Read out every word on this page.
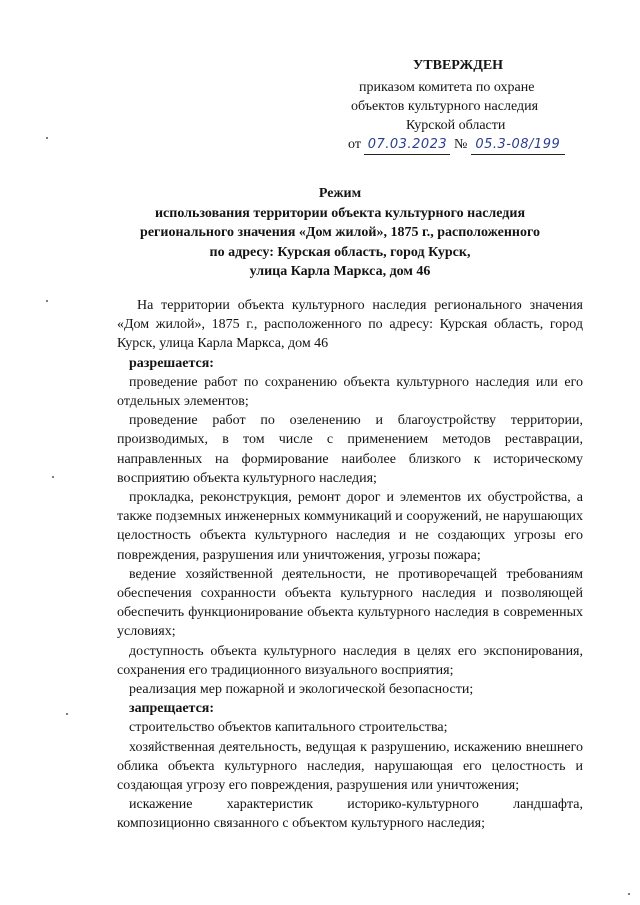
УТВЕРЖДЕН
приказом комитета по охране
объектов культурного наследия
Курской области
от 07.03.2023 № 05.3-08/199
Режим
использования территории объекта культурного наследия
регионального значения «Дом жилой», 1875 г., расположенного
по адресу: Курская область, город Курск,
улица Карла Маркса, дом 46

На территории объекта культурного наследия регионального значения «Дом жилой», 1875 г., расположенного по адресу: Курская область, город Курск, улица Карла Маркса, дом 46

разрешается:

проведение работ по сохранению объекта культурного наследия или его отдельных элементов;

проведение работ по озеленению и благоустройству территории, производимых, в том числе с применением методов реставрации, направленных на формирование наиболее близкого к историческому восприятию объекта культурного наследия;

прокладка, реконструкция, ремонт дорог и элементов их обустройства, а также подземных инженерных коммуникаций и сооружений, не нарушающих целостность объекта культурного наследия и не создающих угрозы его повреждения, разрушения или уничтожения, угрозы пожара;

ведение хозяйственной деятельности, не противоречащей требованиям обеспечения сохранности объекта культурного наследия и позволяющей обеспечить функционирование объекта культурного наследия в современных условиях;

доступность объекта культурного наследия в целях его экспонирования, сохранения его традиционного визуального восприятия;

реализация мер пожарной и экологической безопасности;

запрещается:

строительство объектов капитального строительства;

хозяйственная деятельность, ведущая к разрушению, искажению внешнего облика объекта культурного наследия, нарушающая его целостность и создающая угрозу его повреждения, разрушения или уничтожения;

искажение характеристик историко-культурного ландшафта, композиционно связанного с объектом культурного наследия;
